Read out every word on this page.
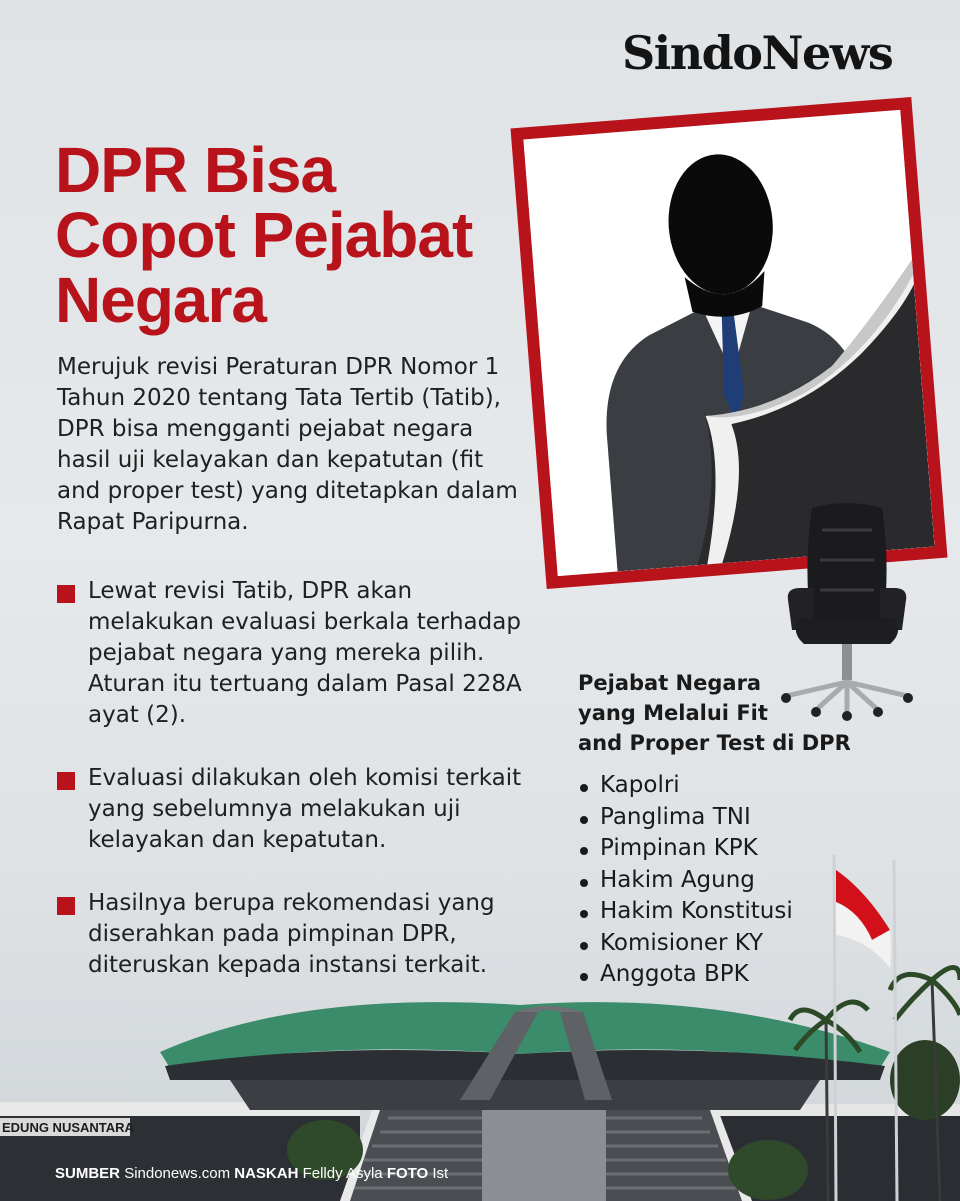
SindoNews
DPR Bisa
Copot Pejabat
Negara

Merujuk revisi Peraturan DPR Nomor 1 Tahun 2020 tentang Tata Tertib (Tatib), DPR bisa mengganti pejabat negara hasil uji kelayakan dan kepatutan (fit and proper test) yang ditetapkan dalam Rapat Paripurna.

Lewat revisi Tatib, DPR akan melakukan evaluasi berkala terhadap pejabat negara yang mereka pilih. Aturan itu tertuang dalam Pasal 228A ayat (2).
Evaluasi dilakukan oleh komisi terkait yang sebelumnya melakukan uji kelayakan dan kepatutan.
Hasilnya berupa rekomendasi yang diserahkan pada pimpinan DPR, diteruskan kepada instansi terkait.
Pejabat Negara
yang Melalui Fit
and Proper Test di DPR
Kapolri
Panglima TNI
Pimpinan KPK
Hakim Agung
Hakim Konstitusi
Komisioner KY
Anggota BPK
EDUNG NUSANTARA
SUMBER Sindonews.com NASKAH Felldy Asyla FOTO Ist
